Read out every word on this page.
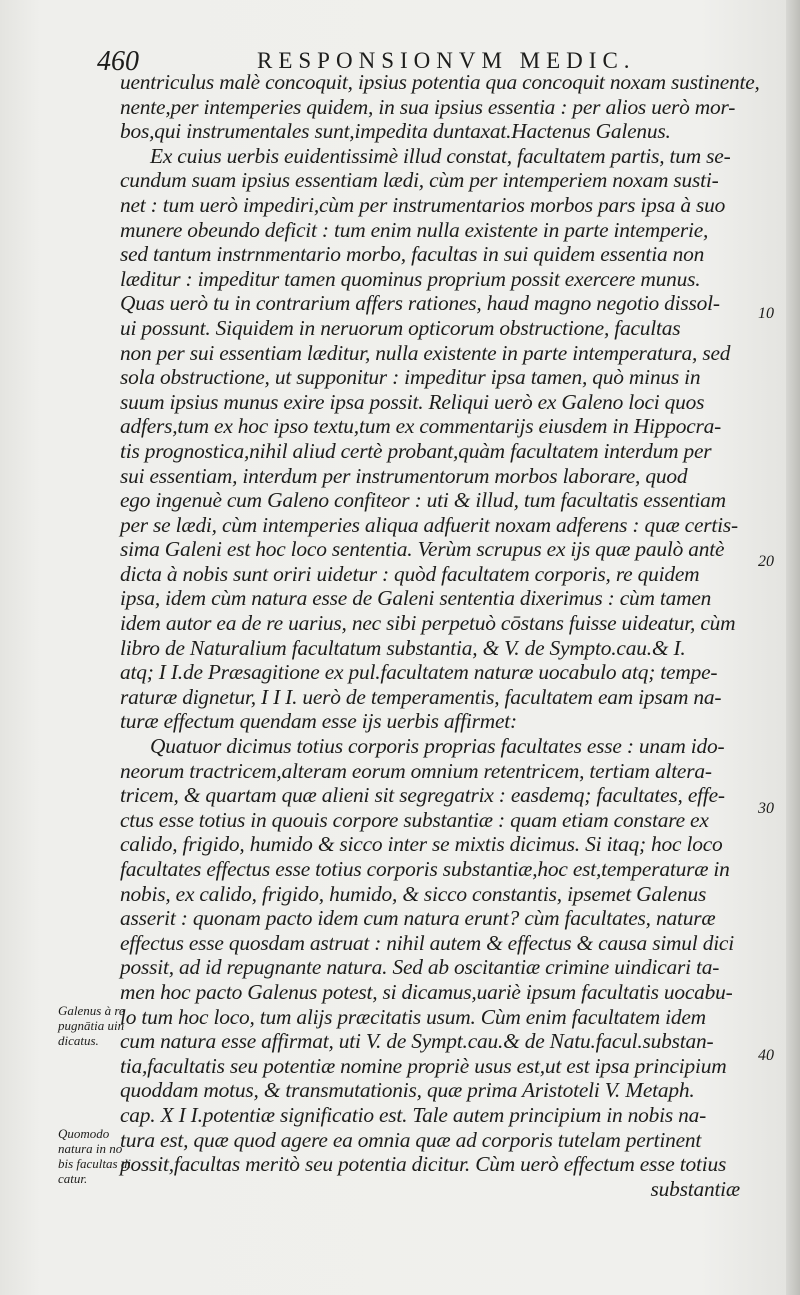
460	RESPONSIONVM MEDIC.
uentriculus malè concoquit, ipsius potentia qua concoquit noxam sustinente,
nente,per intemperies quidem, in sua ipsius essentia : per alios uerò mor-
bos,qui instrumentales sunt,impedita duntaxat.Hactenus Galenus.
Ex cuius uerbis euidentissimè illud constat, facultatem partis, tum se-
cundum suam ipsius essentiam lædi, cùm per intemperiem noxam susti-
net : tum uerò impediri,cùm per instrumentarios morbos pars ipsa à suo
munere obeundo deficit : tum enim nulla existente in parte intemperie,
sed tantum instrnmentario morbo, facultas in sui quidem essentia non
læditur : impeditur tamen quominus proprium possit exercere munus.
Quas uerò tu in contrarium affers rationes, haud magno negotio dissol-
ui possunt. Siquidem in neruorum opticorum obstructione, facultas
non per sui essentiam læditur, nulla existente in parte intemperatura, sed
sola obstructione, ut supponitur : impeditur ipsa tamen, quò minus in
suum ipsius munus exire ipsa possit. Reliqui uerò ex Galeno loci quos
adfers,tum ex hoc ipso textu,tum ex commentarijs eiusdem in Hippocra-
tis prognostica,nihil aliud certè probant,quàm facultatem interdum per
sui essentiam, interdum per instrumentorum morbos laborare, quod
ego ingenuè cum Galeno confiteor : uti & illud, tum facultatis essentiam
per se lædi, cùm intemperies aliqua adfuerit noxam adferens : quæ certis-
sima Galeni est hoc loco sententia. Verùm scrupus ex ijs quæ paulò antè
dicta à nobis sunt oriri uidetur : quòd facultatem corporis, re quidem
ipsa, idem cùm natura esse de Galeni sententia dixerimus : cùm tamen
idem autor ea de re uarius, nec sibi perpetuò cōstans fuisse uideatur, cùm
libro de Naturalium facultatum substantia, & V. de Sympto.cau.& I.
atq; I I.de Præsagitione ex pul.facultatem naturæ uocabulo atq; tempe-
raturæ dignetur, I I I. uerò de temperamentis, facultatem eam ipsam na-
turæ effectum quendam esse ijs uerbis affirmet:
Quatuor dicimus totius corporis proprias facultates esse : unam ido-
neorum tractricem,alteram eorum omnium retentricem, tertiam altera-
tricem, & quartam quæ alieni sit segregatrix : easdemq; facultates, effe-
ctus esse totius in quouis corpore substantiæ : quam etiam constare ex
calido, frigido, humido & sicco inter se mixtis dicimus. Si itaq; hoc loco
facultates effectus esse totius corporis substantiæ,hoc est,temperaturæ in
nobis, ex calido, frigido, humido, & sicco constantis, ipsemet Galenus
asserit : quonam pacto idem cum natura erunt? cùm facultates, naturæ
effectus esse quosdam astruat : nihil autem & effectus & causa simul dici
possit, ad id repugnante natura. Sed ab oscitantiæ crimine uindicari ta-
men hoc pacto Galenus potest, si dicamus,uariè ipsum facultatis uocabu-
lo tum hoc loco, tum alijs præcitatis usum. Cùm enim facultatem idem
cum natura esse affirmat, uti V. de Sympt.cau.& de Natu.facul.substan-
tia,facultatis seu potentiæ nomine propriè usus est,ut est ipsa principium
quoddam motus, & transmutationis, quæ prima Aristoteli V. Metaph.
cap. X I I.potentiæ significatio est. Tale autem principium in nobis na-
tura est, quæ quod agere ea omnia quæ ad corporis tutelam pertinent
possit,facultas meritò seu potentia dicitur. Cùm uerò effectum esse totius
substantiæ
10
20
30
40
Galenus à re
pugnātia uin
dicatus.
Quomodo
natura in no
bis facultas di
catur.
